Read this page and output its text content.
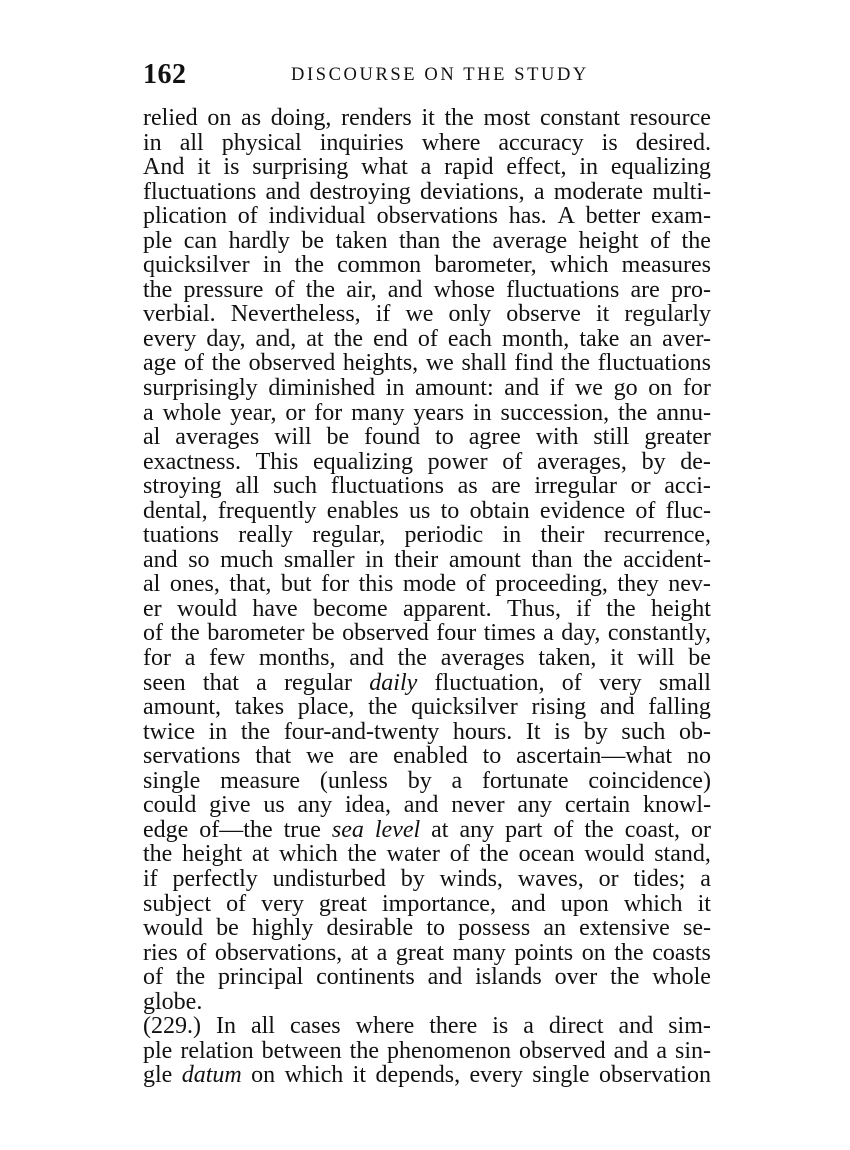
162	DISCOURSE ON THE STUDY
relied on as doing, renders it the most constant resource
in all physical inquiries where accuracy is desired.
And it is surprising what a rapid effect, in equalizing
fluctuations and destroying deviations, a moderate multi-
plication of individual observations has. A better exam-
ple can hardly be taken than the average height of the
quicksilver in the common barometer, which measures
the pressure of the air, and whose fluctuations are pro-
verbial. Nevertheless, if we only observe it regularly
every day, and, at the end of each month, take an aver-
age of the observed heights, we shall find the fluctuations
surprisingly diminished in amount: and if we go on for
a whole year, or for many years in succession, the annu-
al averages will be found to agree with still greater
exactness. This equalizing power of averages, by de-
stroying all such fluctuations as are irregular or acci-
dental, frequently enables us to obtain evidence of fluc-
tuations really regular, periodic in their recurrence,
and so much smaller in their amount than the accident-
al ones, that, but for this mode of proceeding, they nev-
er would have become apparent. Thus, if the height
of the barometer be observed four times a day, constantly,
for a few months, and the averages taken, it will be
seen that a regular daily fluctuation, of very small
amount, takes place, the quicksilver rising and falling
twice in the four-and-twenty hours. It is by such ob-
servations that we are enabled to ascertain—what no
single measure (unless by a fortunate coincidence)
could give us any idea, and never any certain knowl-
edge of—the true sea level at any part of the coast, or
the height at which the water of the ocean would stand,
if perfectly undisturbed by winds, waves, or tides; a
subject of very great importance, and upon which it
would be highly desirable to possess an extensive se-
ries of observations, at a great many points on the coasts
of the principal continents and islands over the whole
globe.
(229.) In all cases where there is a direct and sim-
ple relation between the phenomenon observed and a sin-
gle datum on which it depends, every single observation
